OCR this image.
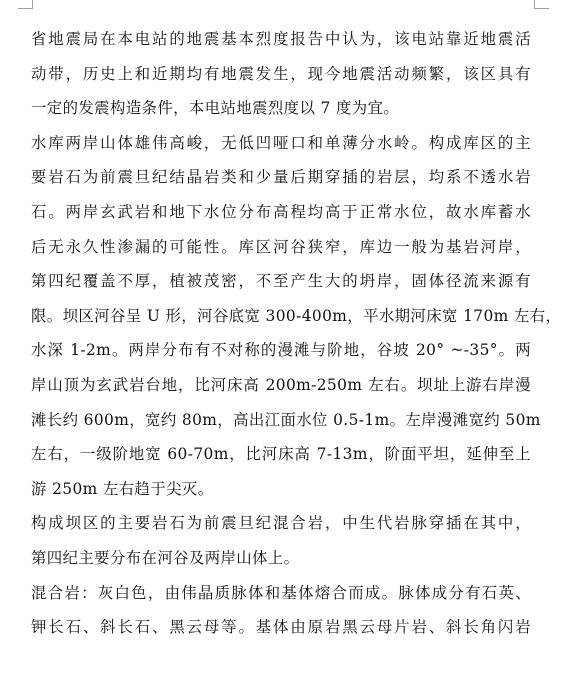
省地震局在本电站的地震基本烈度报告中认为，该电站靠近地震活
动带，历史上和近期均有地震发生，现今地震活动频繁，该区具有
一定的发震构造条件，本电站地震烈度以 7 度为宜。
水库两岸山体雄伟高峻，无低凹哑口和单薄分水岭。构成库区的主
要岩石为前震旦纪结晶岩类和少量后期穿插的岩层，均系不透水岩
石。两岸玄武岩和地下水位分布高程均高于正常水位，故水库蓄水
后无永久性渗漏的可能性。库区河谷狭窄，库边一般为基岩河岸，
第四纪覆盖不厚，植被茂密，不至产生大的坍岸，固体径流来源有
限。坝区河谷呈 U 形，河谷底宽 300-400m，平水期河床宽 170m 左右，
水深 1-2m。两岸分布有不对称的漫滩与阶地，谷坡 20° ~-35°。两
岸山顶为玄武岩台地，比河床高 200m-250m 左右。坝址上游右岸漫
滩长约 600m，宽约 80m，高出江面水位 0.5-1m。左岸漫滩宽约 50m
左右，一级阶地宽 60-70m，比河床高 7-13m，阶面平坦，延伸至上
游 250m 左右趋于尖灭。
构成坝区的主要岩石为前震旦纪混合岩，中生代岩脉穿插在其中，
第四纪主要分布在河谷及两岸山体上。
混合岩：灰白色，由伟晶质脉体和基体熔合而成。脉体成分有石英、
钾长石、斜长石、黑云母等。基体由原岩黑云母片岩、斜长角闪岩
